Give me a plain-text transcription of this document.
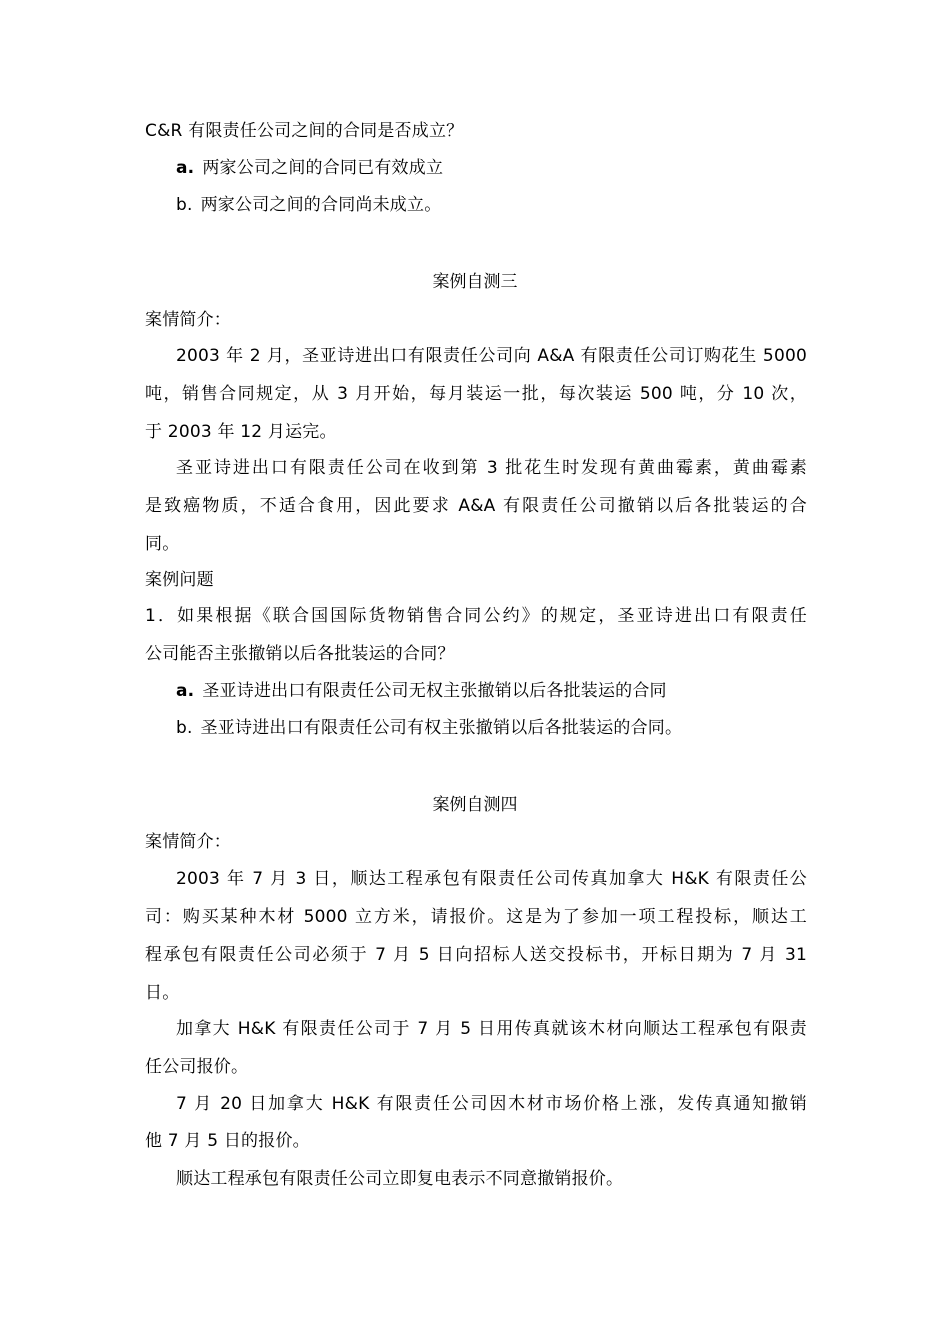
C&R 有限责任公司之间的合同是否成立？
a. 两家公司之间的合同已有效成立
b. 两家公司之间的合同尚未成立。
案例自测三
案情简介：
2003 年 2 月，圣亚诗进出口有限责任公司向 A&A 有限责任公司订购花生 5000
吨，销售合同规定，从 3 月开始，每月装运一批，每次装运 500 吨，分 10 次，
于 2003 年 12 月运完。
圣亚诗进出口有限责任公司在收到第 3 批花生时发现有黄曲霉素，黄曲霉素
是致癌物质，不适合食用，因此要求 A&A 有限责任公司撤销以后各批装运的合
同。
案例问题
1．如果根据《联合国国际货物销售合同公约》的规定，圣亚诗进出口有限责任
公司能否主张撤销以后各批装运的合同？
a. 圣亚诗进出口有限责任公司无权主张撤销以后各批装运的合同
b. 圣亚诗进出口有限责任公司有权主张撤销以后各批装运的合同。
案例自测四
案情简介：
2003 年 7 月 3 日，顺达工程承包有限责任公司传真加拿大 H&K 有限责任公
司：购买某种木材 5000 立方米，请报价。这是为了参加一项工程投标，顺达工
程承包有限责任公司必须于 7 月 5 日向招标人送交投标书，开标日期为 7 月 31
日。
加拿大 H&K 有限责任公司于 7 月 5 日用传真就该木材向顺达工程承包有限责
任公司报价。
7 月 20 日加拿大 H&K 有限责任公司因木材市场价格上涨，发传真通知撤销
他 7 月 5 日的报价。
顺达工程承包有限责任公司立即复电表示不同意撤销报价。
